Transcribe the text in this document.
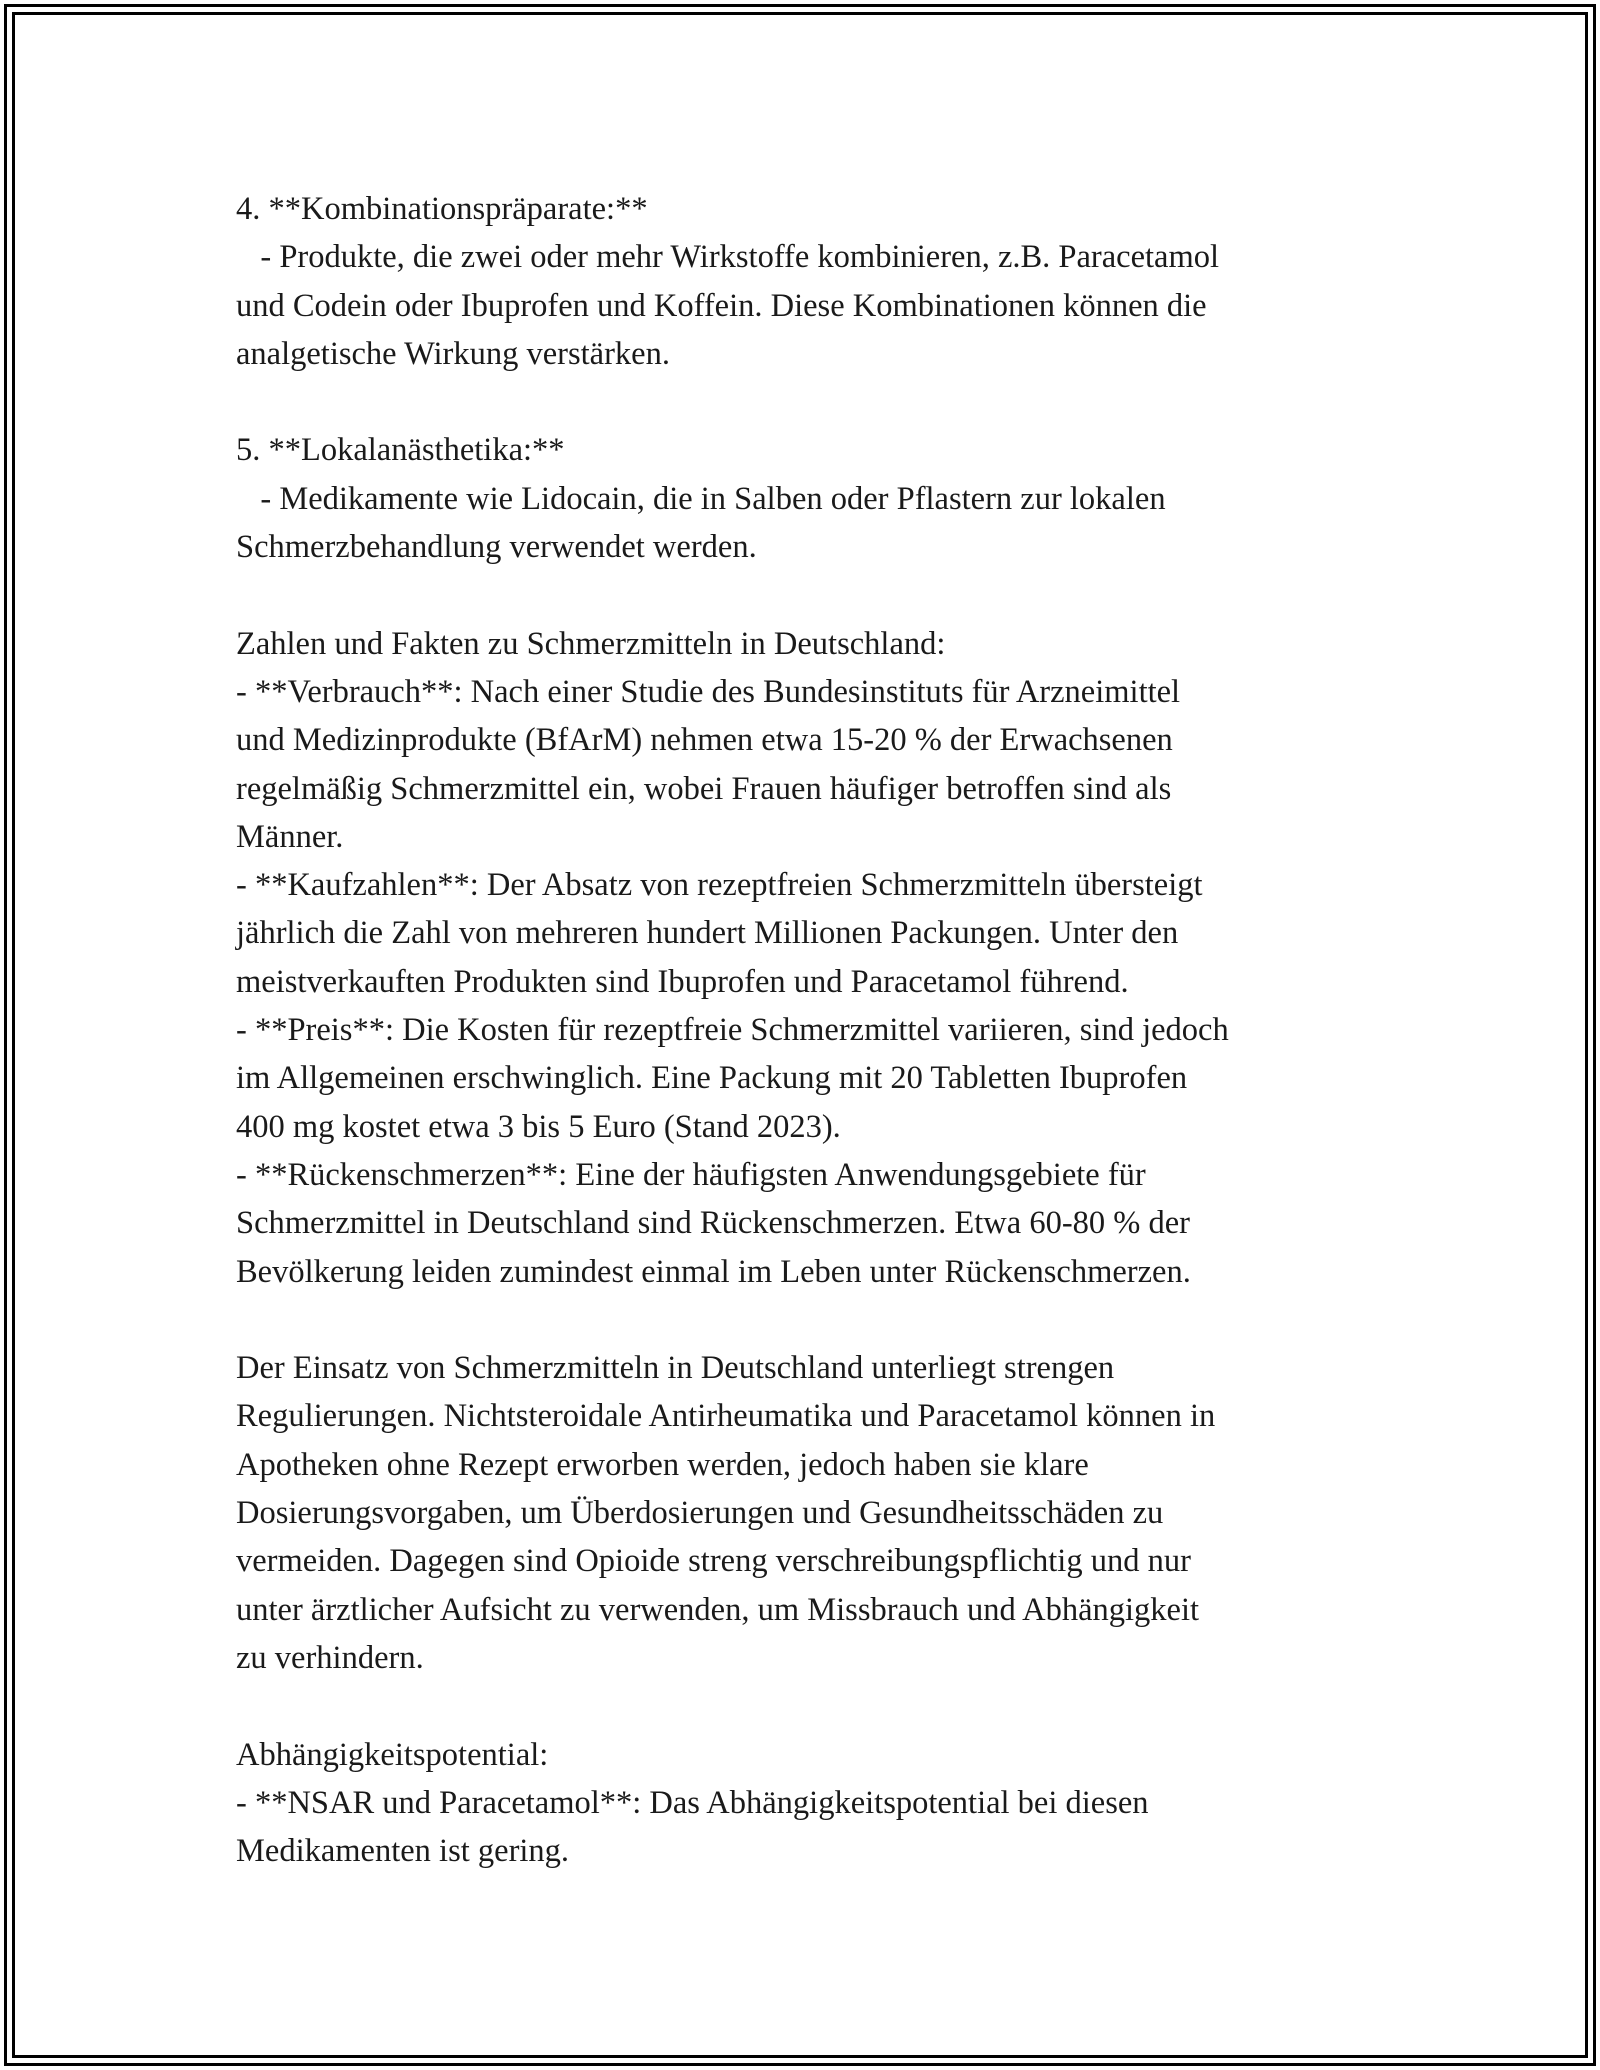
4. **Kombinationspräparate:**
- Produkte, die zwei oder mehr Wirkstoffe kombinieren, z.B. Paracetamol
und Codein oder Ibuprofen und Koffein. Diese Kombinationen können die
analgetische Wirkung verstärken.
5. **Lokalanästhetika:**
- Medikamente wie Lidocain, die in Salben oder Pflastern zur lokalen
Schmerzbehandlung verwendet werden.
Zahlen und Fakten zu Schmerzmitteln in Deutschland:
- **Verbrauch**: Nach einer Studie des Bundesinstituts für Arzneimittel
und Medizinprodukte (BfArM) nehmen etwa 15-20 % der Erwachsenen
regelmäßig Schmerzmittel ein, wobei Frauen häufiger betroffen sind als
Männer.
- **Kaufzahlen**: Der Absatz von rezeptfreien Schmerzmitteln übersteigt
jährlich die Zahl von mehreren hundert Millionen Packungen. Unter den
meistverkauften Produkten sind Ibuprofen und Paracetamol führend.
- **Preis**: Die Kosten für rezeptfreie Schmerzmittel variieren, sind jedoch
im Allgemeinen erschwinglich. Eine Packung mit 20 Tabletten Ibuprofen
400 mg kostet etwa 3 bis 5 Euro (Stand 2023).
- **Rückenschmerzen**: Eine der häufigsten Anwendungsgebiete für
Schmerzmittel in Deutschland sind Rückenschmerzen. Etwa 60-80 % der
Bevölkerung leiden zumindest einmal im Leben unter Rückenschmerzen.
Der Einsatz von Schmerzmitteln in Deutschland unterliegt strengen
Regulierungen. Nichtsteroidale Antirheumatika und Paracetamol können in
Apotheken ohne Rezept erworben werden, jedoch haben sie klare
Dosierungsvorgaben, um Überdosierungen und Gesundheitsschäden zu
vermeiden. Dagegen sind Opioide streng verschreibungspflichtig und nur
unter ärztlicher Aufsicht zu verwenden, um Missbrauch und Abhängigkeit
zu verhindern.
Abhängigkeitspotential:
- **NSAR und Paracetamol**: Das Abhängigkeitspotential bei diesen
Medikamenten ist gering.
